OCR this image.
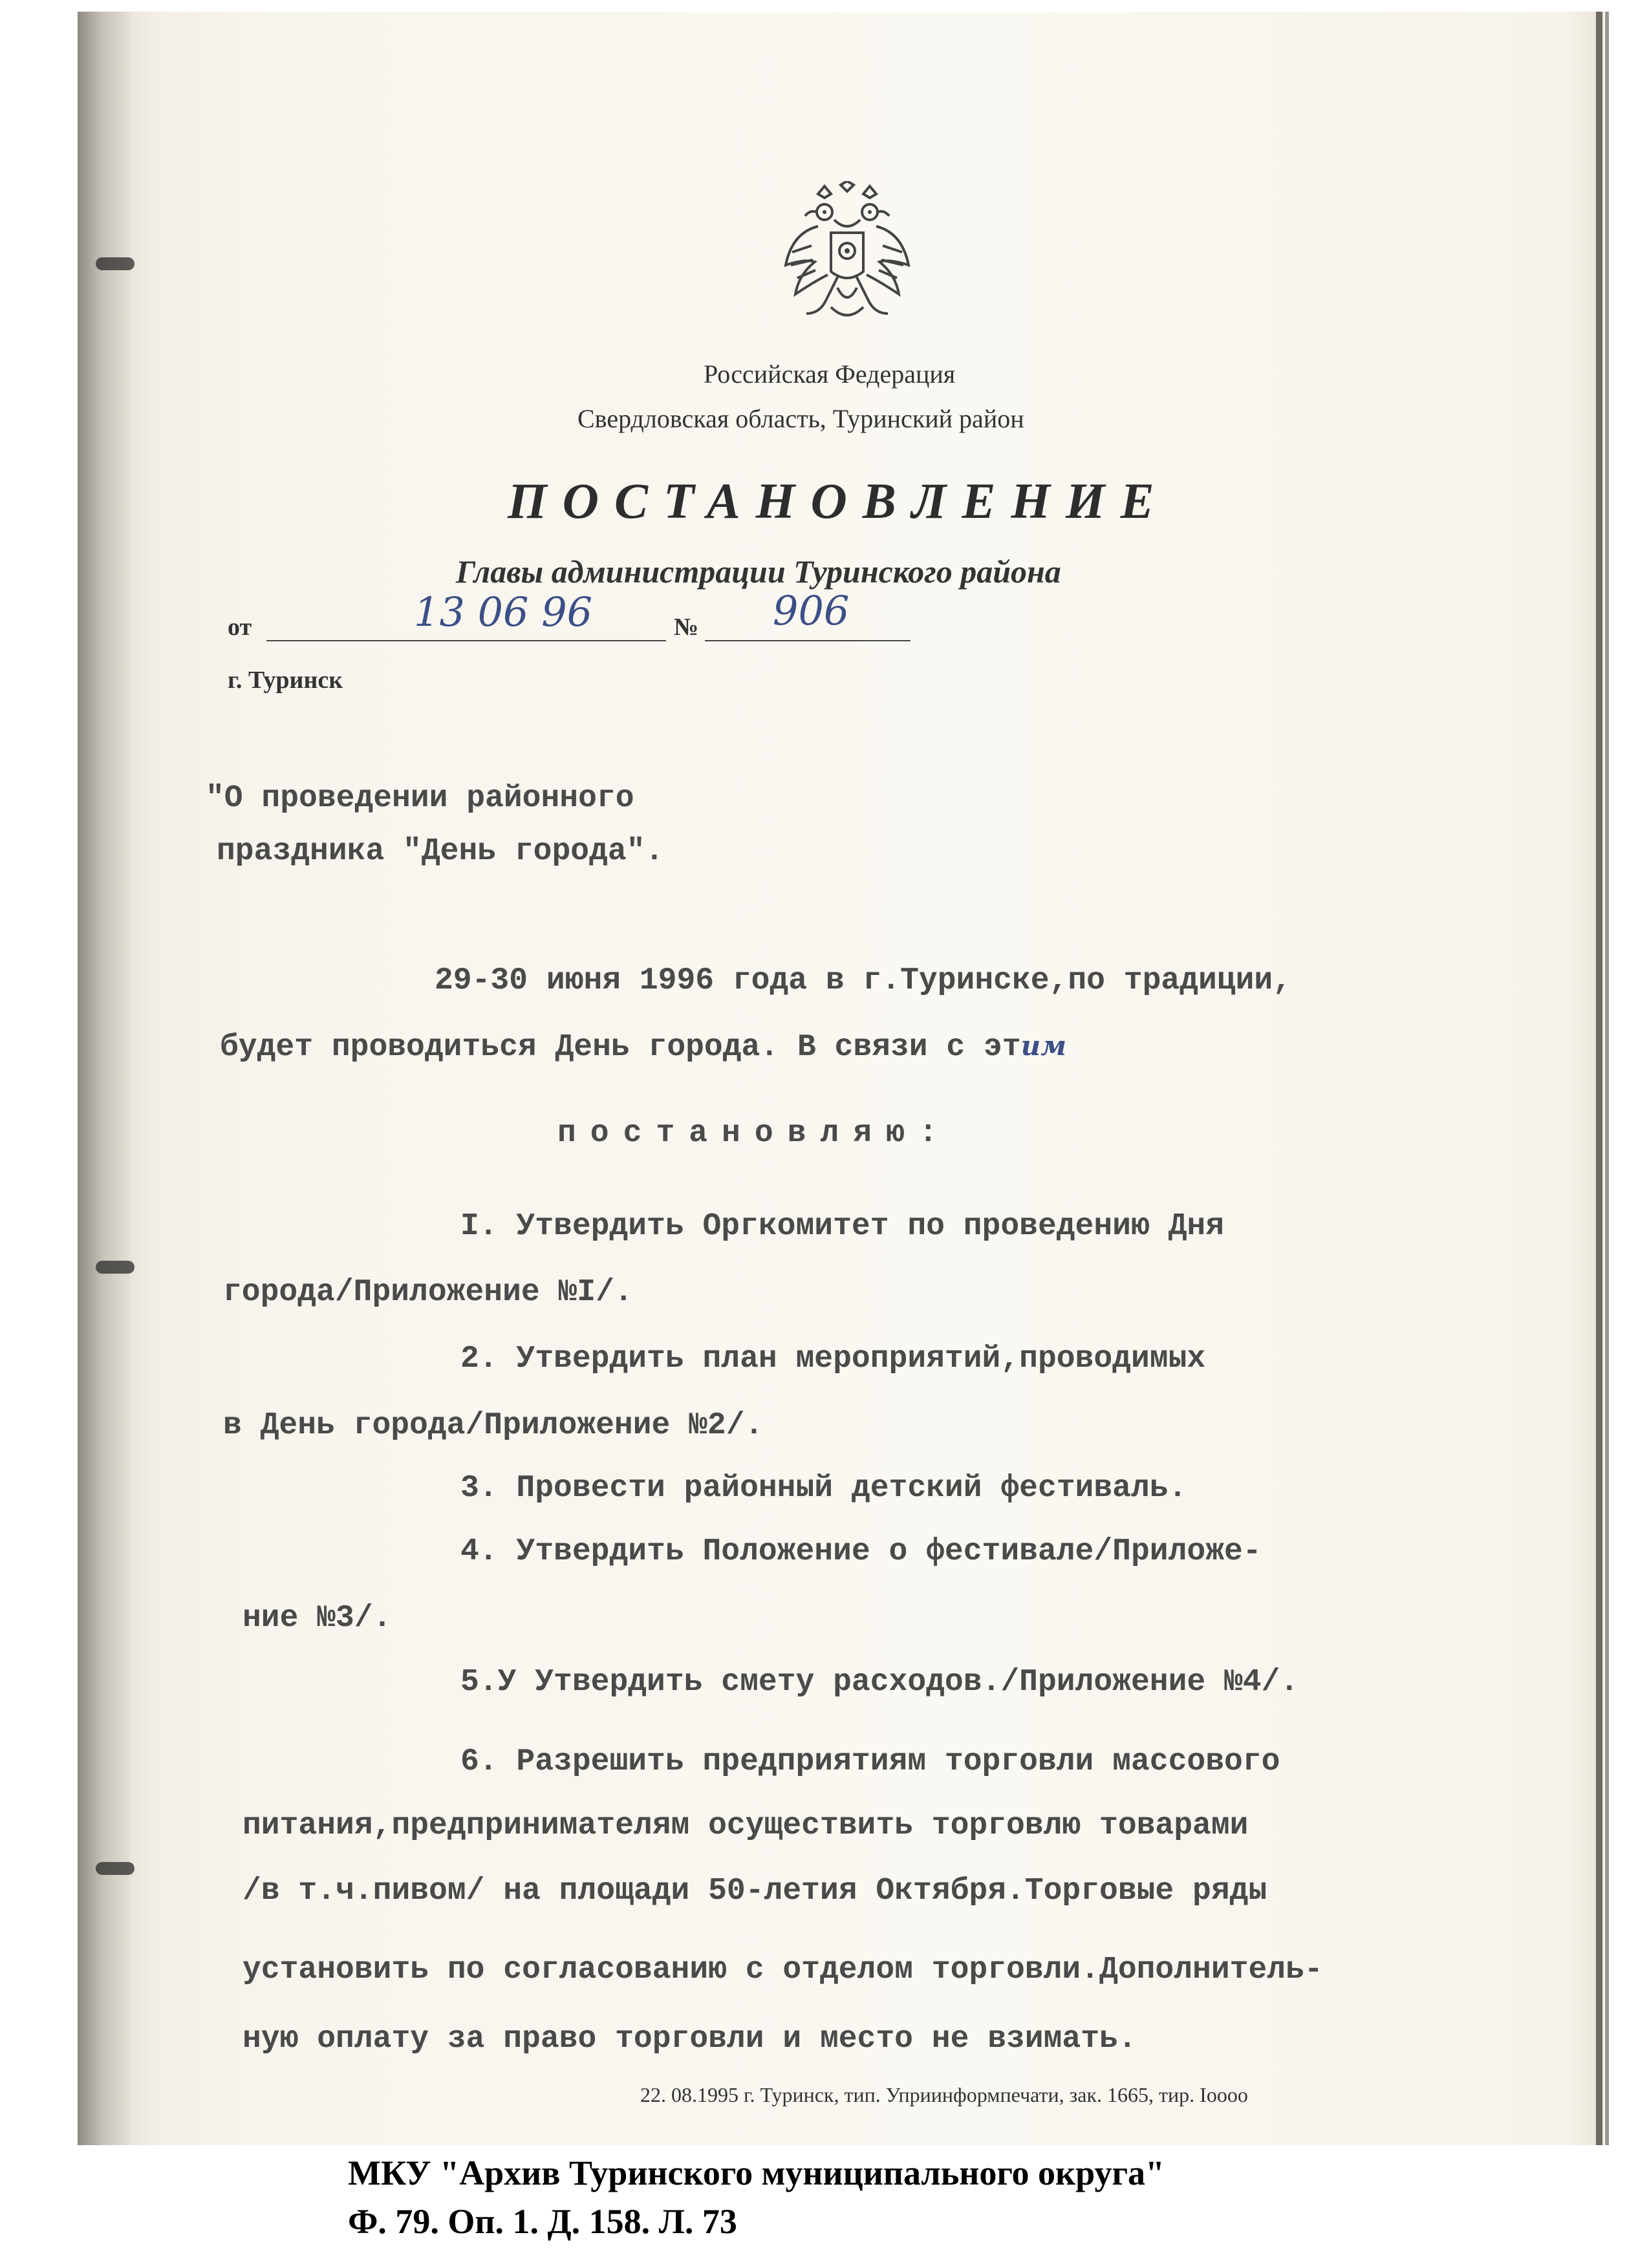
Российская Федерация

Свердловская область, Туринский район

ПОСТАНОВЛЕНИЕ

Главы администрации Туринского района

от	13 06 96	№ 906

г. Туринск

"О проведении районного

праздника "День города".

29-30 июня 1996 года в г.Туринске,по традиции,

будет проводиться День города. В связи с этим

постановляю:

I. Утвердить Оргкомитет по проведению Дня

города/Приложение №I/.

2. Утвердить план мероприятий,проводимых

в День города/Приложение №2/.

3. Провести районный детский фестиваль.

4. Утвердить Положение о фестивале/Приложе-

ние №3/.

5.У Утвердить смету расходов./Приложение №4/.

6. Разрешить предприятиям торговли массового

питания,предпринимателям осуществить торговлю товарами

/в т.ч.пивом/ на площади 50-летия Октября.Торговые ряды

установить по согласованию с отделом торговли.Дополнитель-

ную оплату за право торговли и место не взимать.

22. 08.1995 г. Туринск, тип. Уприинформпечати, зак. 1665, тир. Iоооо

МКУ "Архив Туринского муниципального округа"

Ф. 79. Оп. 1. Д. 158. Л. 73
